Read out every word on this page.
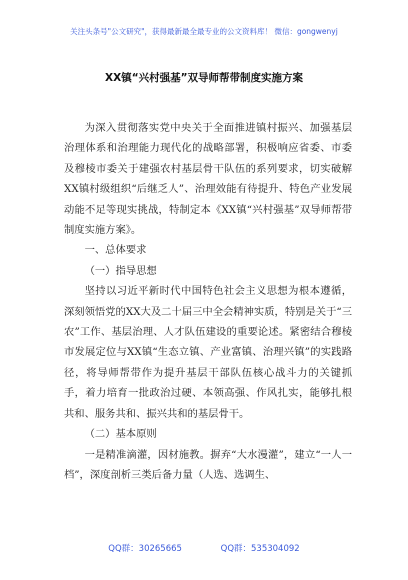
关注头条号"公文研究"，获得最新最全最专业的公文资料库！ 微信：gongwenyj
XX镇“兴村强基”双导师帮带制度实施方案

为深入贯彻落实党中央关于全面推进镇村振兴、加强基层治理体系和治理能力现代化的战略部署，积极响应省委、市委及穆棱市委关于建强农村基层骨干队伍的系列要求，切实破解XX镇村级组织“后继乏人”、治理效能有待提升、特色产业发展动能不足等现实挑战，特制定本《XX镇“兴村强基”双导师帮带制度实施方案》。

一、总体要求

（一）指导思想

坚持以习近平新时代中国特色社会主义思想为根本遵循，深刻领悟党的XX大及二十届三中全会精神实质，特别是关于“三农”工作、基层治理、人才队伍建设的重要论述。紧密结合穆棱市发展定位与XX镇“生态立镇、产业富镇、治理兴镇”的实践路径，将导师帮带作为提升基层干部队伍核心战斗力的关键抓手，着力培育一批政治过硬、本领高强、作风扎实，能够扎根共和、服务共和、振兴共和的基层骨干。

（二）基本原则

一是精准滴灌，因材施教。摒弃“大水漫灌”，建立“一人一档”，深度剖析三类后备力量（人选、选调生、

QQ群：30265665	QQ群：535304092
